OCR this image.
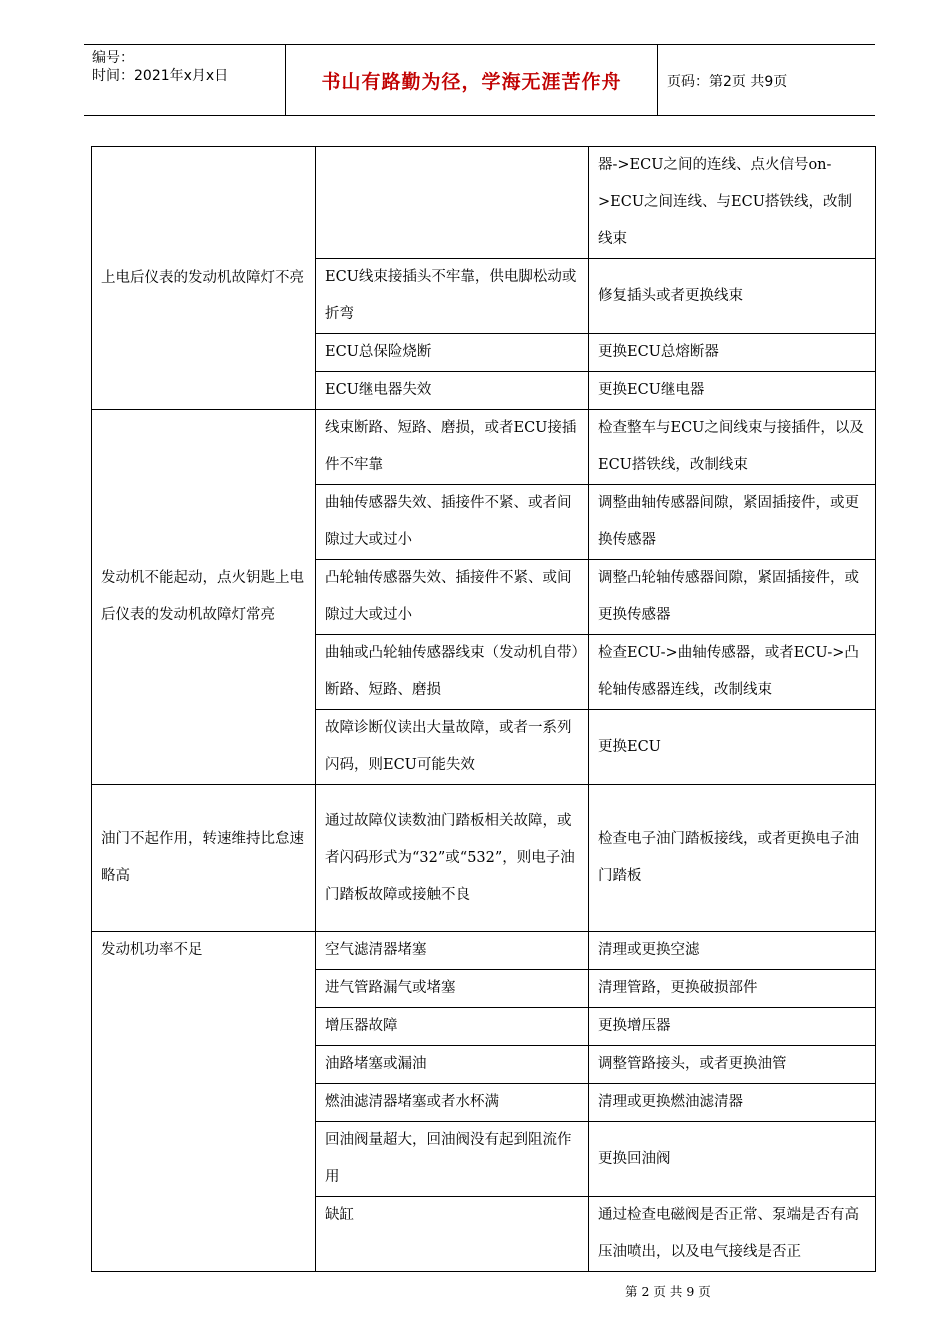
编号：
时间：2021年x月x日	书山有路勤为径，学海无涯苦作舟	页码：第2页 共9页
上电后仪表的发动机故障灯不亮		器->ECU之间的连线、点火信号on->ECU之间连线、与ECU搭铁线，改制线束
	ECU线束接插头不牢靠，供电脚松动或折弯	修复插头或者更换线束
	ECU总保险烧断	更换ECU总熔断器
	ECU继电器失效	更换ECU继电器
发动机不能起动，点火钥匙上电后仪表的发动机故障灯常亮	线束断路、短路、磨损，或者ECU接插件不牢靠	检查整车与ECU之间线束与接插件，以及ECU搭铁线，改制线束
	曲轴传感器失效、插接件不紧、或者间隙过大或过小	调整曲轴传感器间隙，紧固插接件，或更换传感器
	凸轮轴传感器失效、插接件不紧、或间隙过大或过小	调整凸轮轴传感器间隙，紧固插接件，或更换传感器
	曲轴或凸轮轴传感器线束（发动机自带）断路、短路、磨损	检查ECU->曲轴传感器，或者ECU->凸轮轴传感器连线，改制线束
	故障诊断仪读出大量故障，或者一系列闪码，则ECU可能失效	更换ECU
油门不起作用，转速维持比怠速略高	通过故障仪读数油门踏板相关故障，或者闪码形式为“32”或“532”，则电子油门踏板故障或接触不良	检查电子油门踏板接线，或者更换电子油门踏板
发动机功率不足	空气滤清器堵塞	清理或更换空滤
	进气管路漏气或堵塞	清理管路，更换破损部件
	增压器故障	更换增压器
	油路堵塞或漏油	调整管路接头，或者更换油管
	燃油滤清器堵塞或者水杯满	清理或更换燃油滤清器
	回油阀量超大，回油阀没有起到阻流作用	更换回油阀
	缺缸	通过检查电磁阀是否正常、泵端是否有高压油喷出，以及电气接线是否正
第 2 页 共 9 页
